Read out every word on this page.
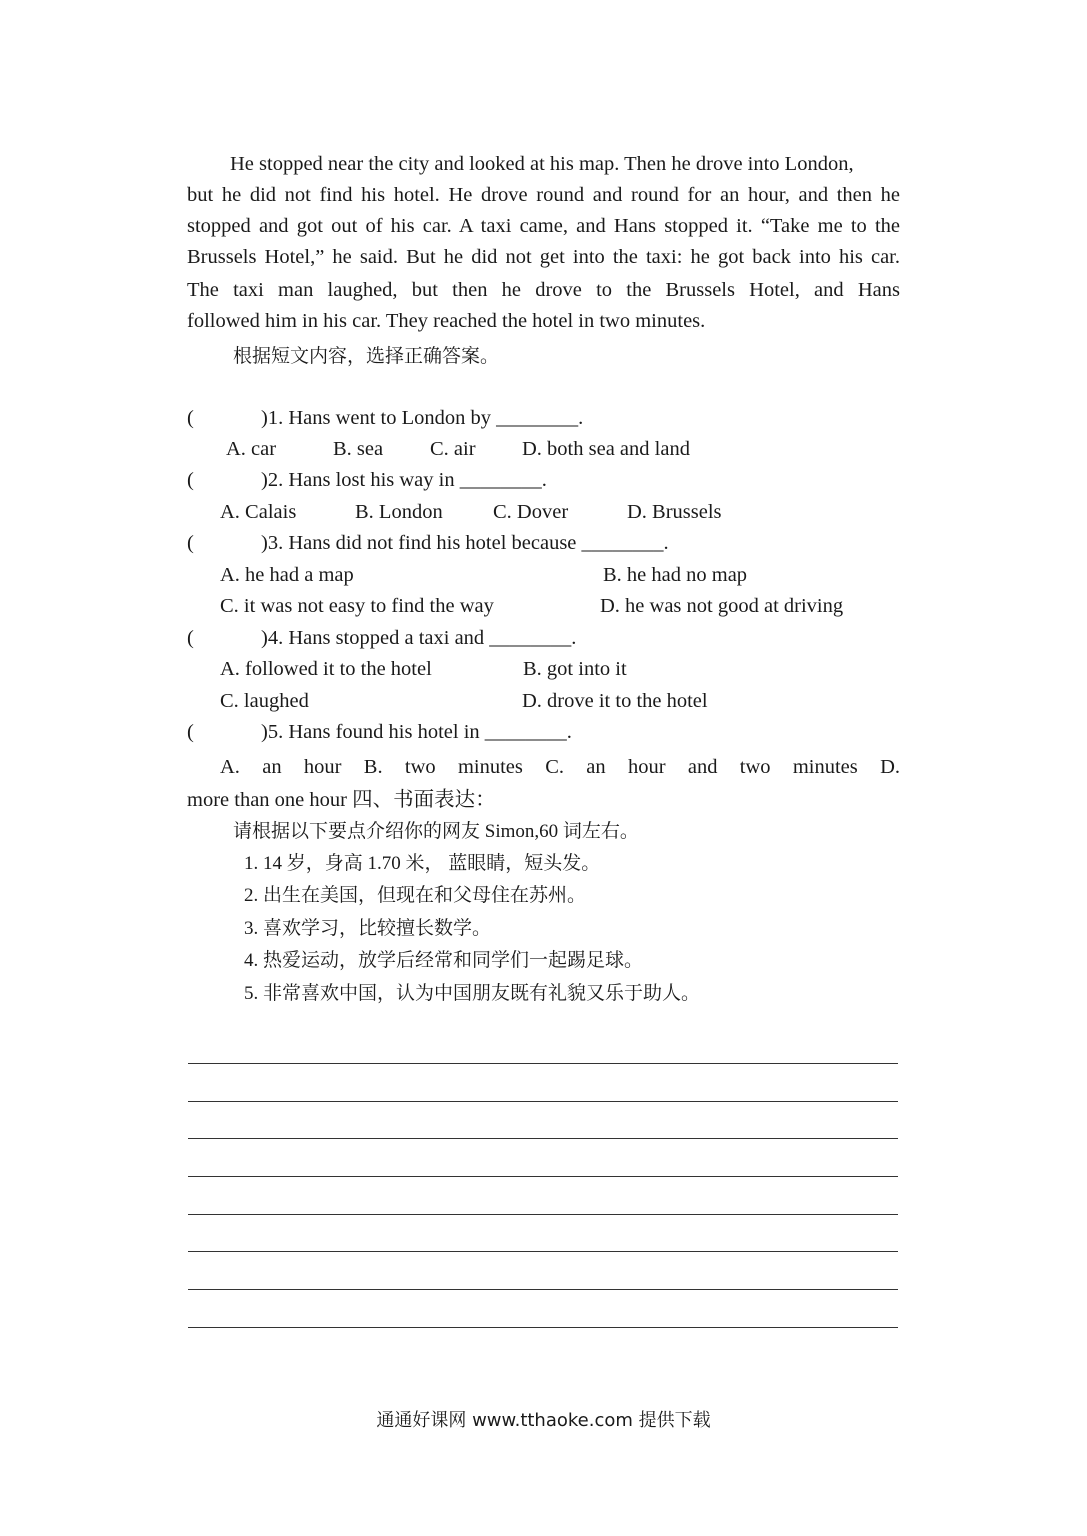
He stopped near the city and looked at his map. Then he drove into London,
but he did not find his hotel. He drove round and round for an hour, and then he
stopped and got out of his car. A taxi came, and Hans stopped it. “Take me to the
Brussels Hotel,” he said. But he did not get into the taxi: he got back into his car.
The taxi man laughed, but then he drove to the Brussels Hotel, and Hans
followed him in his car. They reached the hotel in two minutes.
根据短文内容，选择正确答案。
(	)1. Hans went to London by ________.
A. car	B. sea C. air D. both sea and land
(	)2. Hans lost his way in ________.
A. Calais	B. London C. Dover	D. Brussels
(	)3. Hans did not find his hotel because ________.
A. he had a map	B. he had no map
C. it was not easy to find the way	D. he was not good at driving
(	)4. Hans stopped a taxi and ________.
A. followed it to the hotel	B. got into it
C. laughed	D. drove it to the hotel
(	)5. Hans found his hotel in ________.
A. an hour B. two minutes C. an hour and two minutes D.
more than one hour 四、书面表达：
请根据以下要点介绍你的网友 Simon,60 词左右。
1. 14 岁，身高 1.70 米， 蓝眼睛，短头发。
2. 出生在美国，但现在和父母住在苏州。
3. 喜欢学习，比较擅长数学。
4. 热爱运动，放学后经常和同学们一起踢足球。
5. 非常喜欢中国，认为中国朋友既有礼貌又乐于助人。
通通好课网 www.tthaoke.com 提供下载
